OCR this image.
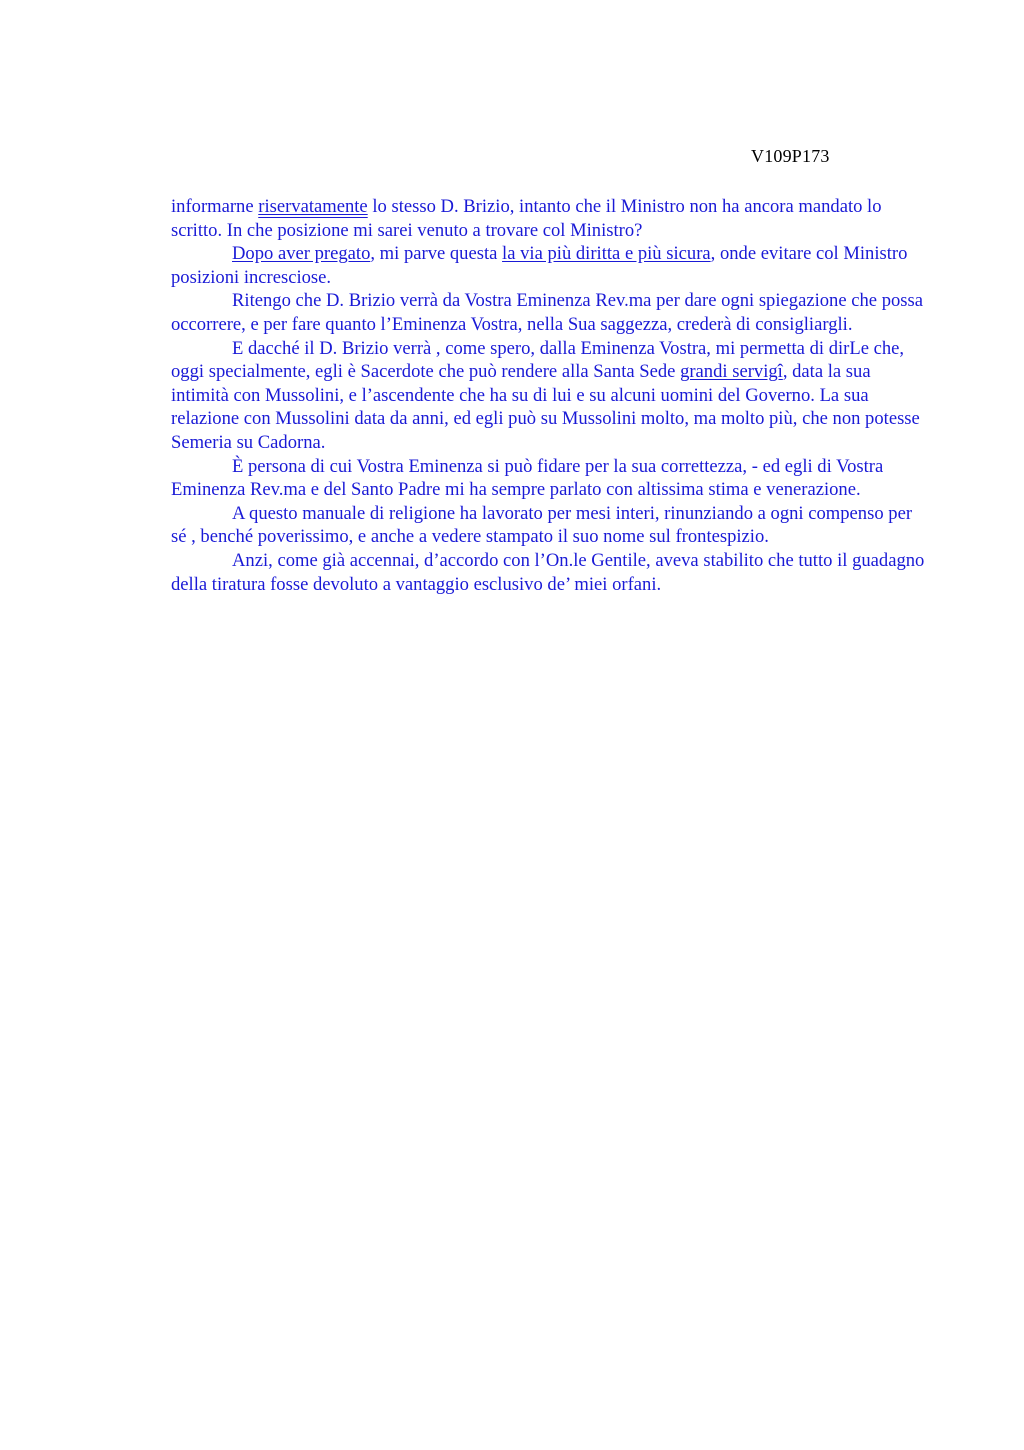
V109P173

informarne riservatamente lo stesso D. Brizio, intanto che il Ministro non ha ancora mandato lo scritto. In che posizione mi sarei venuto a trovare col Ministro?

Dopo aver pregato, mi parve questa la via più diritta e più sicura, onde evitare col Ministro posizioni incresciose.

Ritengo che D. Brizio verrà da Vostra Eminenza Rev.ma per dare ogni spiegazione che possa occorrere, e per fare quanto l’Eminenza Vostra, nella Sua saggezza, crederà di consigliargli.

E dacché il D. Brizio verrà , come spero, dalla Eminenza Vostra, mi permetta di dirLe che, oggi specialmente, egli è Sacerdote che può rendere alla Santa Sede grandi servigî, data la sua intimità con Mussolini, e l’ascendente che ha su di lui e su alcuni uomini del Governo. La sua relazione con Mussolini data da anni, ed egli può su Mussolini molto, ma molto più, che non potesse Semeria su Cadorna.

È persona di cui Vostra Eminenza si può fidare per la sua correttezza, - ed egli di Vostra Eminenza Rev.ma e del Santo Padre mi ha sempre parlato con altissima stima e venerazione.

A questo manuale di religione ha lavorato per mesi interi, rinunziando a ogni compenso per sé , benché poverissimo, e anche a vedere stampato il suo nome sul frontespizio.

Anzi, come già accennai, d’accordo con l’On.le Gentile, aveva stabilito che tutto il guadagno della tiratura fosse devoluto a vantaggio esclusivo de’ miei orfani.
